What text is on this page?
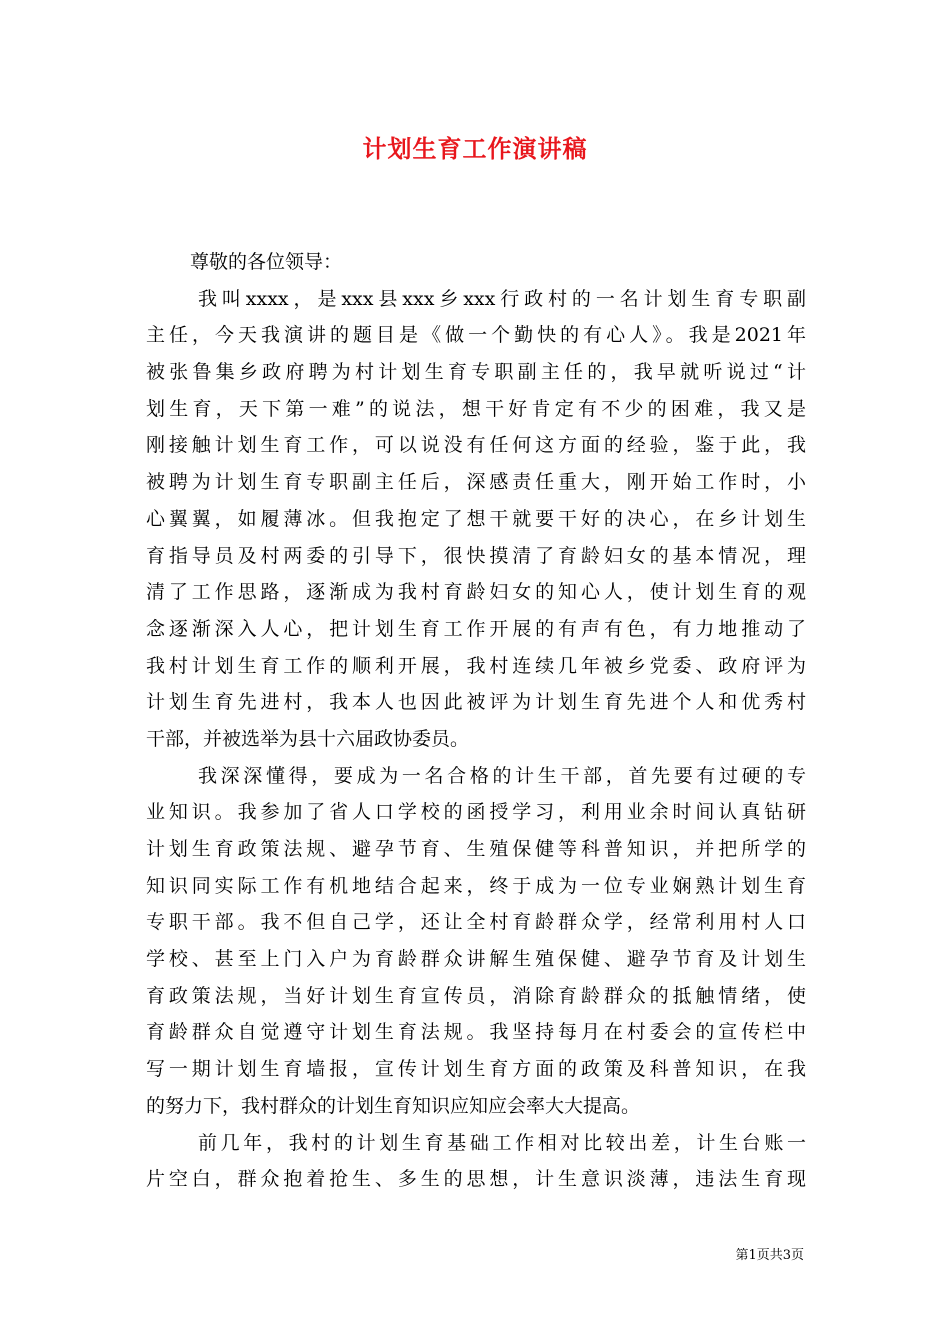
计划生育工作演讲稿
尊敬的各位领导：
我叫xxxx，是xxx县xxx乡xxx行政村的一名计划生育专职副
主任，今天我演讲的题目是《做一个勤快的有心人》。我是2021年
被张鲁集乡政府聘为村计划生育专职副主任的，我早就听说过“计
划生育，天下第一难”的说法，想干好肯定有不少的困难，我又是
刚接触计划生育工作，可以说没有任何这方面的经验，鉴于此，我
被聘为计划生育专职副主任后，深感责任重大，刚开始工作时，小
心翼翼，如履薄冰。但我抱定了想干就要干好的决心，在乡计划生
育指导员及村两委的引导下，很快摸清了育龄妇女的基本情况，理
清了工作思路，逐渐成为我村育龄妇女的知心人，使计划生育的观
念逐渐深入人心，把计划生育工作开展的有声有色，有力地推动了
我村计划生育工作的顺利开展，我村连续几年被乡党委、政府评为
计划生育先进村，我本人也因此被评为计划生育先进个人和优秀村
干部，并被选举为县十六届政协委员。
我深深懂得，要成为一名合格的计生干部，首先要有过硬的专
业知识。我参加了省人口学校的函授学习，利用业余时间认真钻研
计划生育政策法规、避孕节育、生殖保健等科普知识，并把所学的
知识同实际工作有机地结合起来，终于成为一位专业娴熟计划生育
专职干部。我不但自己学，还让全村育龄群众学，经常利用村人口
学校、甚至上门入户为育龄群众讲解生殖保健、避孕节育及计划生
育政策法规，当好计划生育宣传员，消除育龄群众的抵触情绪，使
育龄群众自觉遵守计划生育法规。我坚持每月在村委会的宣传栏中
写一期计划生育墙报，宣传计划生育方面的政策及科普知识，在我
的努力下，我村群众的计划生育知识应知应会率大大提高。
前几年，我村的计划生育基础工作相对比较出差，计生台账一
片空白，群众抱着抢生、多生的思想，计生意识淡薄，违法生育现
第1页共3页
